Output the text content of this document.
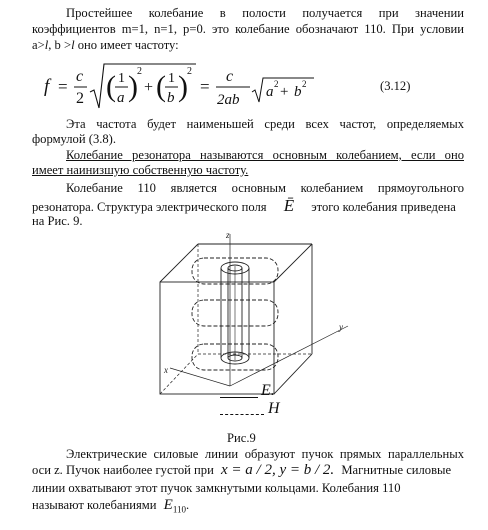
Простейшее колебание в полости получается при значении
коэффициентов m=1, n=1, p=0. это колебание обозначают 110. При условии
a>l, b >l оно имеет частоту:
f =
c
2 ( 1
a ) 2
+ ( 1
b ) 2
=
c
2ab a 2 + b 2	(3.12)
Эта частота будет наименьшей среди всех частот, определяемых
формулой (3.8).
Колебание резонатора называются основным колебанием, если оно
имеет наинизшую собственную частоту.
Колебание 110 является основным колебанием прямоугольного
резонатора. Структура электрического поля Ē этого колебания приведена
на Рис. 9.
z
y
x
E.
H
Рис.9
Электрические силовые линии образуют пучок прямых параллельных
оси z. Пучок наиболее густой при x = a / 2, y = b / 2. Магнитные силовые
линии охватывают этот пучок замкнутыми кольцами. Колебания 110
называют колебаниями $E_{110}$.
